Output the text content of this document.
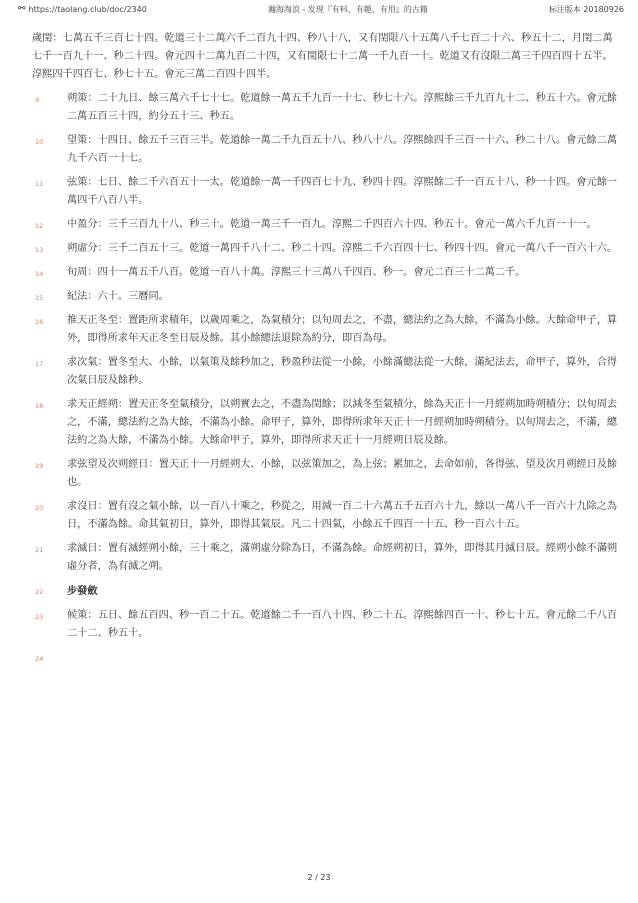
⚯ https://taolang.club/doc/2340	瀚海淘浪 - 发现『有料、有趣、有用』的古籍	标注版本 20180926
歲閏：七萬五千三百七十四。乾道三十二萬六千二百九十四、秒八十八，又有閏限八十五萬八千七百二十六、秒五十二，月閏二萬七千一百九十一、秒二十四。會元四十二萬九百二十四，又有閏限七十二萬一千九百一十。乾道又有沒限二萬三千四百四十五半。淳熙四千四百七、秒七十五。會元三萬二百四十四半。
9	朔策：二十九日、餘三萬六千七十七。乾道餘一萬五千九百一十七、秒七十六。淳熙餘三千九百九十二、秒五十六。會元餘二萬五百三十四，約分五十三、秒五。
10 望策：十四日、餘五千三百三半。乾道餘一萬二千九百五十八、秒八十八。淳熙餘四千三百一十六、秒二十八。會元餘二萬九千六百一十七。
11 弦策：七日、餘二千六百五十一太。乾道餘一萬一千四百七十九、秒四十四。淳熙餘二千一百五十八、秒一十四。會元餘一萬四千八百八半。
12 中盈分：三千三百九十八、秒三十。乾道一萬三千一百九。淳熙二千四百六十四、秒五十。會元一萬六千九百一十一。
13 朔虛分：三千二百五十三。乾道一萬四千八十二、秒二十四。淳熙二千六百四十七、秒四十四。會元一萬八千一百六十六。
14 旬周：四十一萬五千八百。乾道一百八十萬。淳熙三十三萬八千四百、秒一。會元二百三十二萬二千。
15 紀法：六十。三曆同。
16 推天正冬至：置距所求積年，以歲周乘之，為氣積分；以旬周去之，不盡，總法約之為大餘，不滿為小餘。大餘命甲子，算外，即得所求年天正冬至日辰及餘。其小餘總法退除為約分，即百為母。
17 求次氣：置冬至大、小餘，以氣策及餘秒加之，秒盈秒法從一小餘，小餘滿總法從一大餘，滿紀法去，命甲子，算外，合得次氣日辰及餘秒。
18 求天正經朔：置天正冬至氣積分，以朔實去之，不盡為閏餘；以減冬至氣積分，餘為天正十一月經朔加時朔積分；以旬周去之，不滿，總法約之為大餘，不滿為小餘。命甲子，算外，即得所求年天正十一月經朔加時朔積分。以旬周去之，不滿，總法約之為大餘，不滿為小餘。大餘命甲子，算外，即得所求天正十一月經朔日辰及餘。
19 求弦望及次朔經日：置天正十一月經朔大、小餘，以弦策加之，為上弦；累加之，去命如前，各得弦、望及次月朔經日及餘也。
20 求沒日：置有沒之氣小餘，以一百八十乘之，秒從之，用減一百二十六萬五千五百六十九，餘以一萬八千一百六十九除之為日，不滿為餘。命其氣初日，算外，即得其氣辰。凡二十四氣，小餘五千四百一十五、秒一百六十五。
21 求滅日：置有滅經朔小餘，三十乘之，滿朔虛分除為日，不滿為餘。命經朔初日，算外，即得其月滅日辰。經朔小餘不滿朔虛分者，為有滅之朔。
22 步發斂
23 候策：五日、餘五百四、秒一百二十五。乾道餘二千一百八十四、秒二十五。淳熙餘四百一十、秒七十五。會元餘二千八百二十二、秒五十。
24
2 / 23
